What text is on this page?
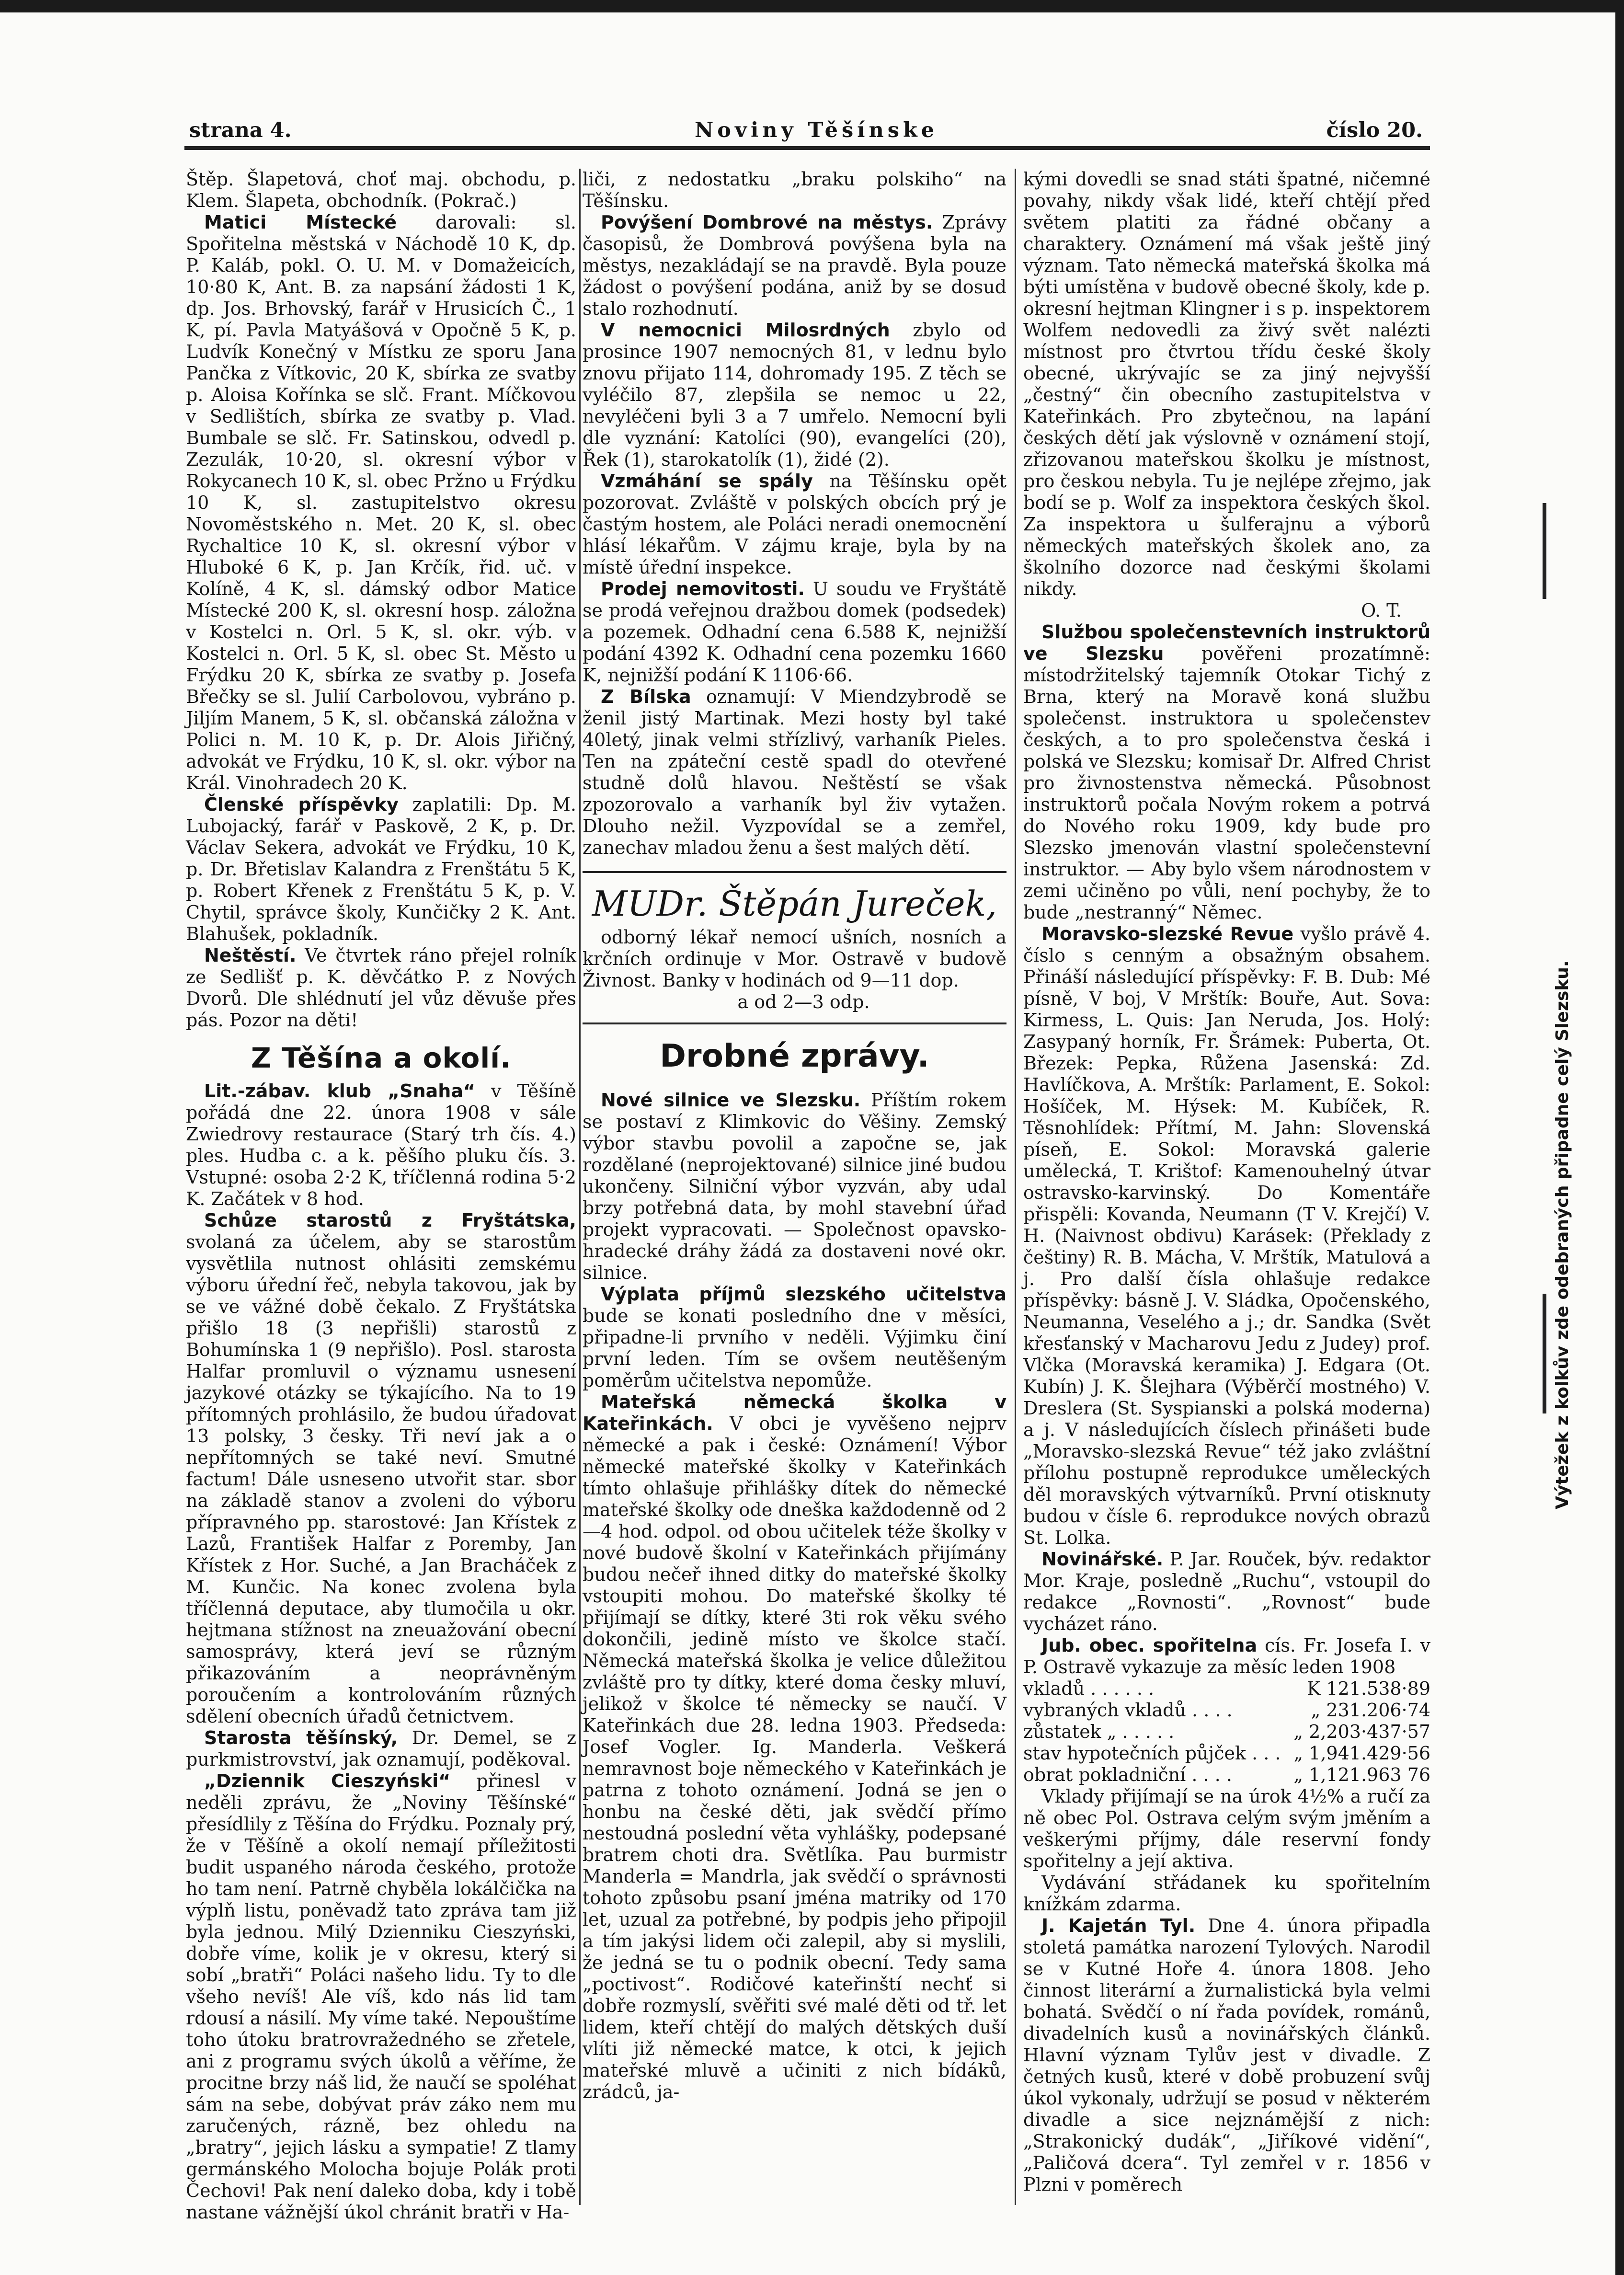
strana 4.	Noviny Těšínske	číslo 20.

Štěp. Šlapetová, choť maj. obchodu, p. Klem. Šlapeta, obchodník. (Pokrač.)

Matici Místecké darovali: sl. Spořitelna městská v Náchodě 10 K, dp. P. Kaláb, pokl. O. U. M. v Domažeicích, 10·80 K, Ant. B. za napsání žádosti 1 K, dp. Jos. Brhovský, farář v Hrusicích Č., 1 K, pí. Pavla Matyášová v Opočně 5 K, p. Ludvík Konečný v Místku ze sporu Jana Pančka z Vítkovic, 20 K, sbírka ze svatby p. Aloisa Kořínka se slč. Frant. Míčkovou v Sedlištích, sbírka ze svatby p. Vlad. Bumbale se slč. Fr. Satinskou, odvedl p. Zezulák, 10·20, sl. okresní výbor v Rokycanech 10 K, sl. obec Pržno u Frýdku 10 K, sl. zastupitelstvo okresu Novoměstského n. Met. 20 K, sl. obec Rychaltice 10 K, sl. okresní výbor v Hluboké 6 K, p. Jan Krčík, řid. uč. v Kolíně, 4 K, sl. dámský odbor Matice Místecké 200 K, sl. okresní hosp. záložna v Kostelci n. Orl. 5 K, sl. okr. výb. v Kostelci n. Orl. 5 K, sl. obec St. Město u Frýdku 20 K, sbírka ze svatby p. Josefa Břečky se sl. Julií Carbolovou, vybráno p. Jiljím Manem, 5 K, sl. občanská záložna v Polici n. M. 10 K, p. Dr. Alois Jiřičný, advokát ve Frýdku, 10 K, sl. okr. výbor na Král. Vinohradech 20 K.

Členské příspěvky zaplatili: Dp. M. Lubojacký, farář v Paskově, 2 K, p. Dr. Václav Sekera, advokát ve Frýdku, 10 K, p. Dr. Břetislav Kalandra z Frenštátu 5 K, p. Robert Křenek z Frenštátu 5 K, p. V. Chytil, správce školy, Kunčičky 2 K. Ant. Blahušek, pokladník.

Neštěstí. Ve čtvrtek ráno přejel rolník ze Sedlišť p. K. děvčátko P. z Nových Dvorů. Dle shlédnutí jel vůz děvuše přes pás. Pozor na děti!

Z Těšína a okolí.

Lit.-zábav. klub „Snaha“ v Těšíně pořádá dne 22. února 1908 v sále Zwiedrovy restaurace (Starý trh čís. 4.) ples. Hudba c. a k. pěšího pluku čís. 3. Vstupné: osoba 2·2 K, tříčlenná rodina 5·2 K. Začátek v 8 hod.

Schůze starostů z Fryštátska, svolaná za účelem, aby se starostům vysvětlila nutnost ohlásiti zemskému výboru úřední řeč, nebyla takovou, jak by se ve vážné době čekalo. Z Fryštátska přišlo 18 (3 nepřišli) starostů z Bohumínska 1 (9 nepřišlo). Posl. starosta Halfar promluvil o významu usnesení jazykové otázky se týkajícího. Na to 19 přítomných prohlásilo, že budou úřadovat 13 polsky, 3 česky. Tři neví jak a o nepřítomných se také neví. Smutné factum! Dále usneseno utvořit star. sbor na základě stanov a zvoleni do výboru přípravného pp. starostové: Jan Křístek z Lazů, František Halfar z Poremby, Jan Křístek z Hor. Suché, a Jan Bracháček z M. Kunčic. Na konec zvolena byla tříčlenná deputace, aby tlumočila u okr. hejtmana stížnost na zneuažování obecní samosprávy, která jeví se různým přikazováním a neoprávněným poroučením a kontrolováním různých sdělení obecních úřadů četnictvem.

Starosta těšínský, Dr. Demel, se z purkmistrovství, jak oznamují, poděkoval.

„Dziennik Cieszyński“ přinesl v neděli zprávu, že „Noviny Těšínské“ přesídlily z Těšína do Frýdku. Poznaly prý, že v Těšíně a okolí nemají příležitosti budit uspaného národa českého, protože ho tam není. Patrně chyběla lokálčička na výplň listu, poněvadž tato zpráva tam již byla jednou. Milý Dzienniku Cieszyński, dobře víme, kolik je v okresu, který si sobí „bratři“ Poláci našeho lidu. Ty to dle všeho nevíš! Ale víš, kdo nás lid tam rdousí a násilí. My víme také. Nepouštíme toho útoku bratrovražedného se zřetele, ani z programu svých úkolů a věříme, že procitne brzy náš lid, že naučí se spoléhat sám na sebe, dobývat práv záko nem mu zaručených, rázně, bez ohledu na „bratry“, jejich lásku a sympatie! Z tlamy germánského Molocha bojuje Polák proti Čechovi! Pak není daleko doba, kdy i tobě nastane vážnější úkol chránit bratři v Ha-

liči, z nedostatku „braku polskiho“ na Těšínsku.

Povýšení Dombrové na městys. Zprávy časopisů, že Dombrová povýšena byla na městys, nezakládají se na pravdě. Byla pouze žádost o povýšení podána, aniž by se dosud stalo rozhodnutí.

V nemocnici Milosrdných zbylo od prosince 1907 nemocných 81, v lednu bylo znovu přijato 114, dohromady 195. Z těch se vyléčilo 87, zlepšila se nemoc u 22, nevyléčeni byli 3 a 7 umřelo. Nemocní byli dle vyznání: Katolíci (90), evangelíci (20), Řek (1), starokatolík (1), židé (2).

Vzmáhání se spály na Těšínsku opět pozorovat. Zvláště v polských obcích prý je častým hostem, ale Poláci neradi onemocnění hlásí lékařům. V zájmu kraje, byla by na místě úřední inspekce.

Prodej nemovitosti. U soudu ve Fryštátě se prodá veřejnou dražbou domek (podsedek) a pozemek. Odhadní cena 6.588 K, nejnižší podání 4392 K. Odhadní cena pozemku 1660 K, nejnižší podání K 1106·66.

Z Bílska oznamují: V Miendzybrodě se ženil jistý Martinak. Mezi hosty byl také 40letý, jinak velmi střízlivý, varhaník Pieles. Ten na zpáteční cestě spadl do otevřené studně dolů hlavou. Neštěstí se však zpozorovalo a varhaník byl živ vytažen. Dlouho nežil. Vyzpovídal se a zemřel, zanechav mladou ženu a šest malých dětí.

MUDr. Štěpán Jureček,

odborný lékař nemocí ušních, nosních a krčních ordinuje v Mor. Ostravě v budově Živnost. Banky v hodinách od 9—11 dop.

a od 2—3 odp.

Drobné zprávy.

Nové silnice ve Slezsku. Příštím rokem se postaví z Klimkovic do Věšiny. Zemský výbor stavbu povolil a započne se, jak rozdělané (neprojektované) silnice jiné budou ukončeny. Silniční výbor vyzván, aby udal brzy potřebná data, by mohl stavební úřad projekt vypracovati. — Společnost opavsko-hradecké dráhy žádá za dostaveni nové okr. silnice.

Výplata příjmů slezského učitelstva bude se konati posledního dne v měsíci, připadne-li prvního v neděli. Výjimku činí první leden. Tím se ovšem neutěšeným poměrům učitelstva nepomůže.

Mateřská německá školka v Kateřinkách. V obci je vyvěšeno nejprv německé a pak i české: Oznámení! Výbor německé mateřské školky v Kateřinkách tímto ohlašuje přihlášky dítek do německé mateřské školky ode dneška každodenně od 2—4 hod. odpol. od obou učitelek téže školky v nové budově školní v Kateřinkách přijímány budou nečeř ihned ditky do mateřské školky vstoupiti mohou. Do mateřské školky té přijímají se dítky, které 3ti rok věku svého dokončili, jedině místo ve školce stačí. Německá mateřská školka je velice důležitou zvláště pro ty dítky, které doma česky mluví, jelikož v školce té německy se naučí. V Kateřinkách due 28. ledna 1903. Předseda: Josef Vogler. Ig. Manderla. Veškerá nemravnost boje německého v Kateřinkách je patrna z tohoto oznámení. Jodná se jen o honbu na české děti, jak svědčí přímo nestoudná poslední věta vyhlášky, podepsané bratrem choti dra. Světlíka. Pau burmistr Manderla = Mandrla, jak svědčí o správnosti tohoto způsobu psaní jména matriky od 170 let, uzual za potřebné, by podpis jeho připojil a tím jakýsi lidem oči zalepil, aby si myslili, že jedná se tu o podnik obecní. Tedy sama „poctivost“. Rodičové kateřinští nechť si dobře rozmyslí, svěřiti své malé děti od tř. let lidem, kteří chtějí do malých dětských duší vlíti již německé matce, k otci, k jejich mateřské mluvě a učiniti z nich bídáků, zrádců, ja-

kými dovedli se snad státi špatné, ničemné povahy, nikdy však lidé, kteří chtějí před světem platiti za řádné občany a charaktery. Oznámení má však ještě jiný význam. Tato německá mateřská školka má býti umístěna v budově obecné školy, kde p. okresní hejtman Klingner i s p. inspektorem Wolfem nedovedli za živý svět nalézti místnost pro čtvrtou třídu české školy obecné, ukrývajíc se za jiný nejvyšší „čestný“ čin obecního zastupitelstva v Kateřinkách. Pro zbytečnou, na lapání českých dětí jak výslovně v oznámení stojí, zřizovanou mateřskou školku je místnost, pro českou nebyla. Tu je nejlépe zřejmo, jak bodí se p. Wolf za inspektora českých škol. Za inspektora u šulferajnu a výborů německých mateřských školek ano, za školního dozorce nad českými školami nikdy.

O. T.

Službou společenstevních instruktorů ve Slezsku pověřeni prozatímně: místodržitelský tajemník Otokar Tichý z Brna, který na Moravě koná službu společenst. instruktora u společenstev českých, a to pro společenstva česká i polská ve Slezsku; komisař Dr. Alfred Christ pro živnostenstva německá. Působnost instruktorů počala Novým rokem a potrvá do Nového roku 1909, kdy bude pro Slezsko jmenován vlastní společenstevní instruktor. — Aby bylo všem národnostem v zemi učiněno po vůli, není pochyby, že to bude „nestranný“ Němec.

Moravsko-slezské Revue vyšlo právě 4. číslo s cenným a obsažným obsahem. Přináší následující příspěvky: F. B. Dub: Mé písně, V boj, V Mrštík: Bouře, Aut. Sova: Kirmess, L. Quis: Jan Neruda, Jos. Holý: Zasypaný horník, Fr. Šrámek: Puberta, Ot. Březek: Pepka, Růžena Jasenská: Zd. Havlíčkova, A. Mrštík: Parlament, E. Sokol: Hošíček, M. Hýsek: M. Kubíček, R. Těsnohlídek: Přítmí, M. Jahn: Slovenská píseň, E. Sokol: Moravská galerie umělecká, T. Krištof: Kamenouhelný útvar ostravsko-karvinský. Do Komentáře přispěli: Kovanda, Neumann (T V. Krejčí) V. H. (Naivnost obdivu) Karásek: (Překlady z češtiny) R. B. Mácha, V. Mrštík, Matulová a j. Pro další čísla ohlašuje redakce příspěvky: básně J. V. Sládka, Opočenského, Neumanna, Veselého a j.; dr. Sandka (Svět křesťanský v Macharovu Jedu z Judey) prof. Vlčka (Moravská keramika) J. Edgara (Ot. Kubín) J. K. Šlejhara (Výběrčí mostného) V. Dreslera (St. Syspianski a polská moderna) a j. V následujících číslech přinášeti bude „Moravsko-slezská Revue“ též jako zvláštní přílohu postupně reprodukce uměleckých děl moravských výtvarníků. První otisknuty budou v čísle 6. reprodukce nových obrazů St. Lolka.

Novinářské. P. Jar. Rouček, býv. redaktor Mor. Kraje, posledně „Ruchu“, vstoupil do redakce „Rovnosti“. „Rovnost“ bude vycházet ráno.

Jub. obec. spořitelna cís. Fr. Josefa I. v P. Ostravě vykazuje za měsíc leden 1908

vkladů . . . . . .	K 121.538·89
vybraných vkladů . . . .	„ 231.206·74
zůstatek „ . . . . .	„ 2,203·437·57
stav hypotečních půjček . . . „ 1,941.429·56
obrat pokladniční . . . .	„ 1,121.963 76

Vklady přijímají se na úrok 4½% a ručí za ně obec Pol. Ostrava celým svým jměním a veškerými příjmy, dále reservní fondy spořitelny a její aktiva.

Vydávání střádanek ku spořitelním knížkám zdarma.

J. Kajetán Tyl. Dne 4. února připadla stoletá památka narození Tylových. Narodil se v Kutné Hoře 4. února 1808. Jeho činnost literární a žurnalistická byla velmi bohatá. Svědčí o ní řada povídek, románů, divadelních kusů a novinářských článků. Hlavní význam Tylův jest v divadle. Z četných kusů, které v době probuzení svůj úkol vykonaly, udržují se posud v některém divadle a sice nejznámější z nich: „Strakonický dudák“, „Jiříkové vidění“, „Paličová dcera“. Tyl zemřel v r. 1856 v Plzni v poměrech

Výtežek z kolkův zde odebraných připadne celý Slezsku.
